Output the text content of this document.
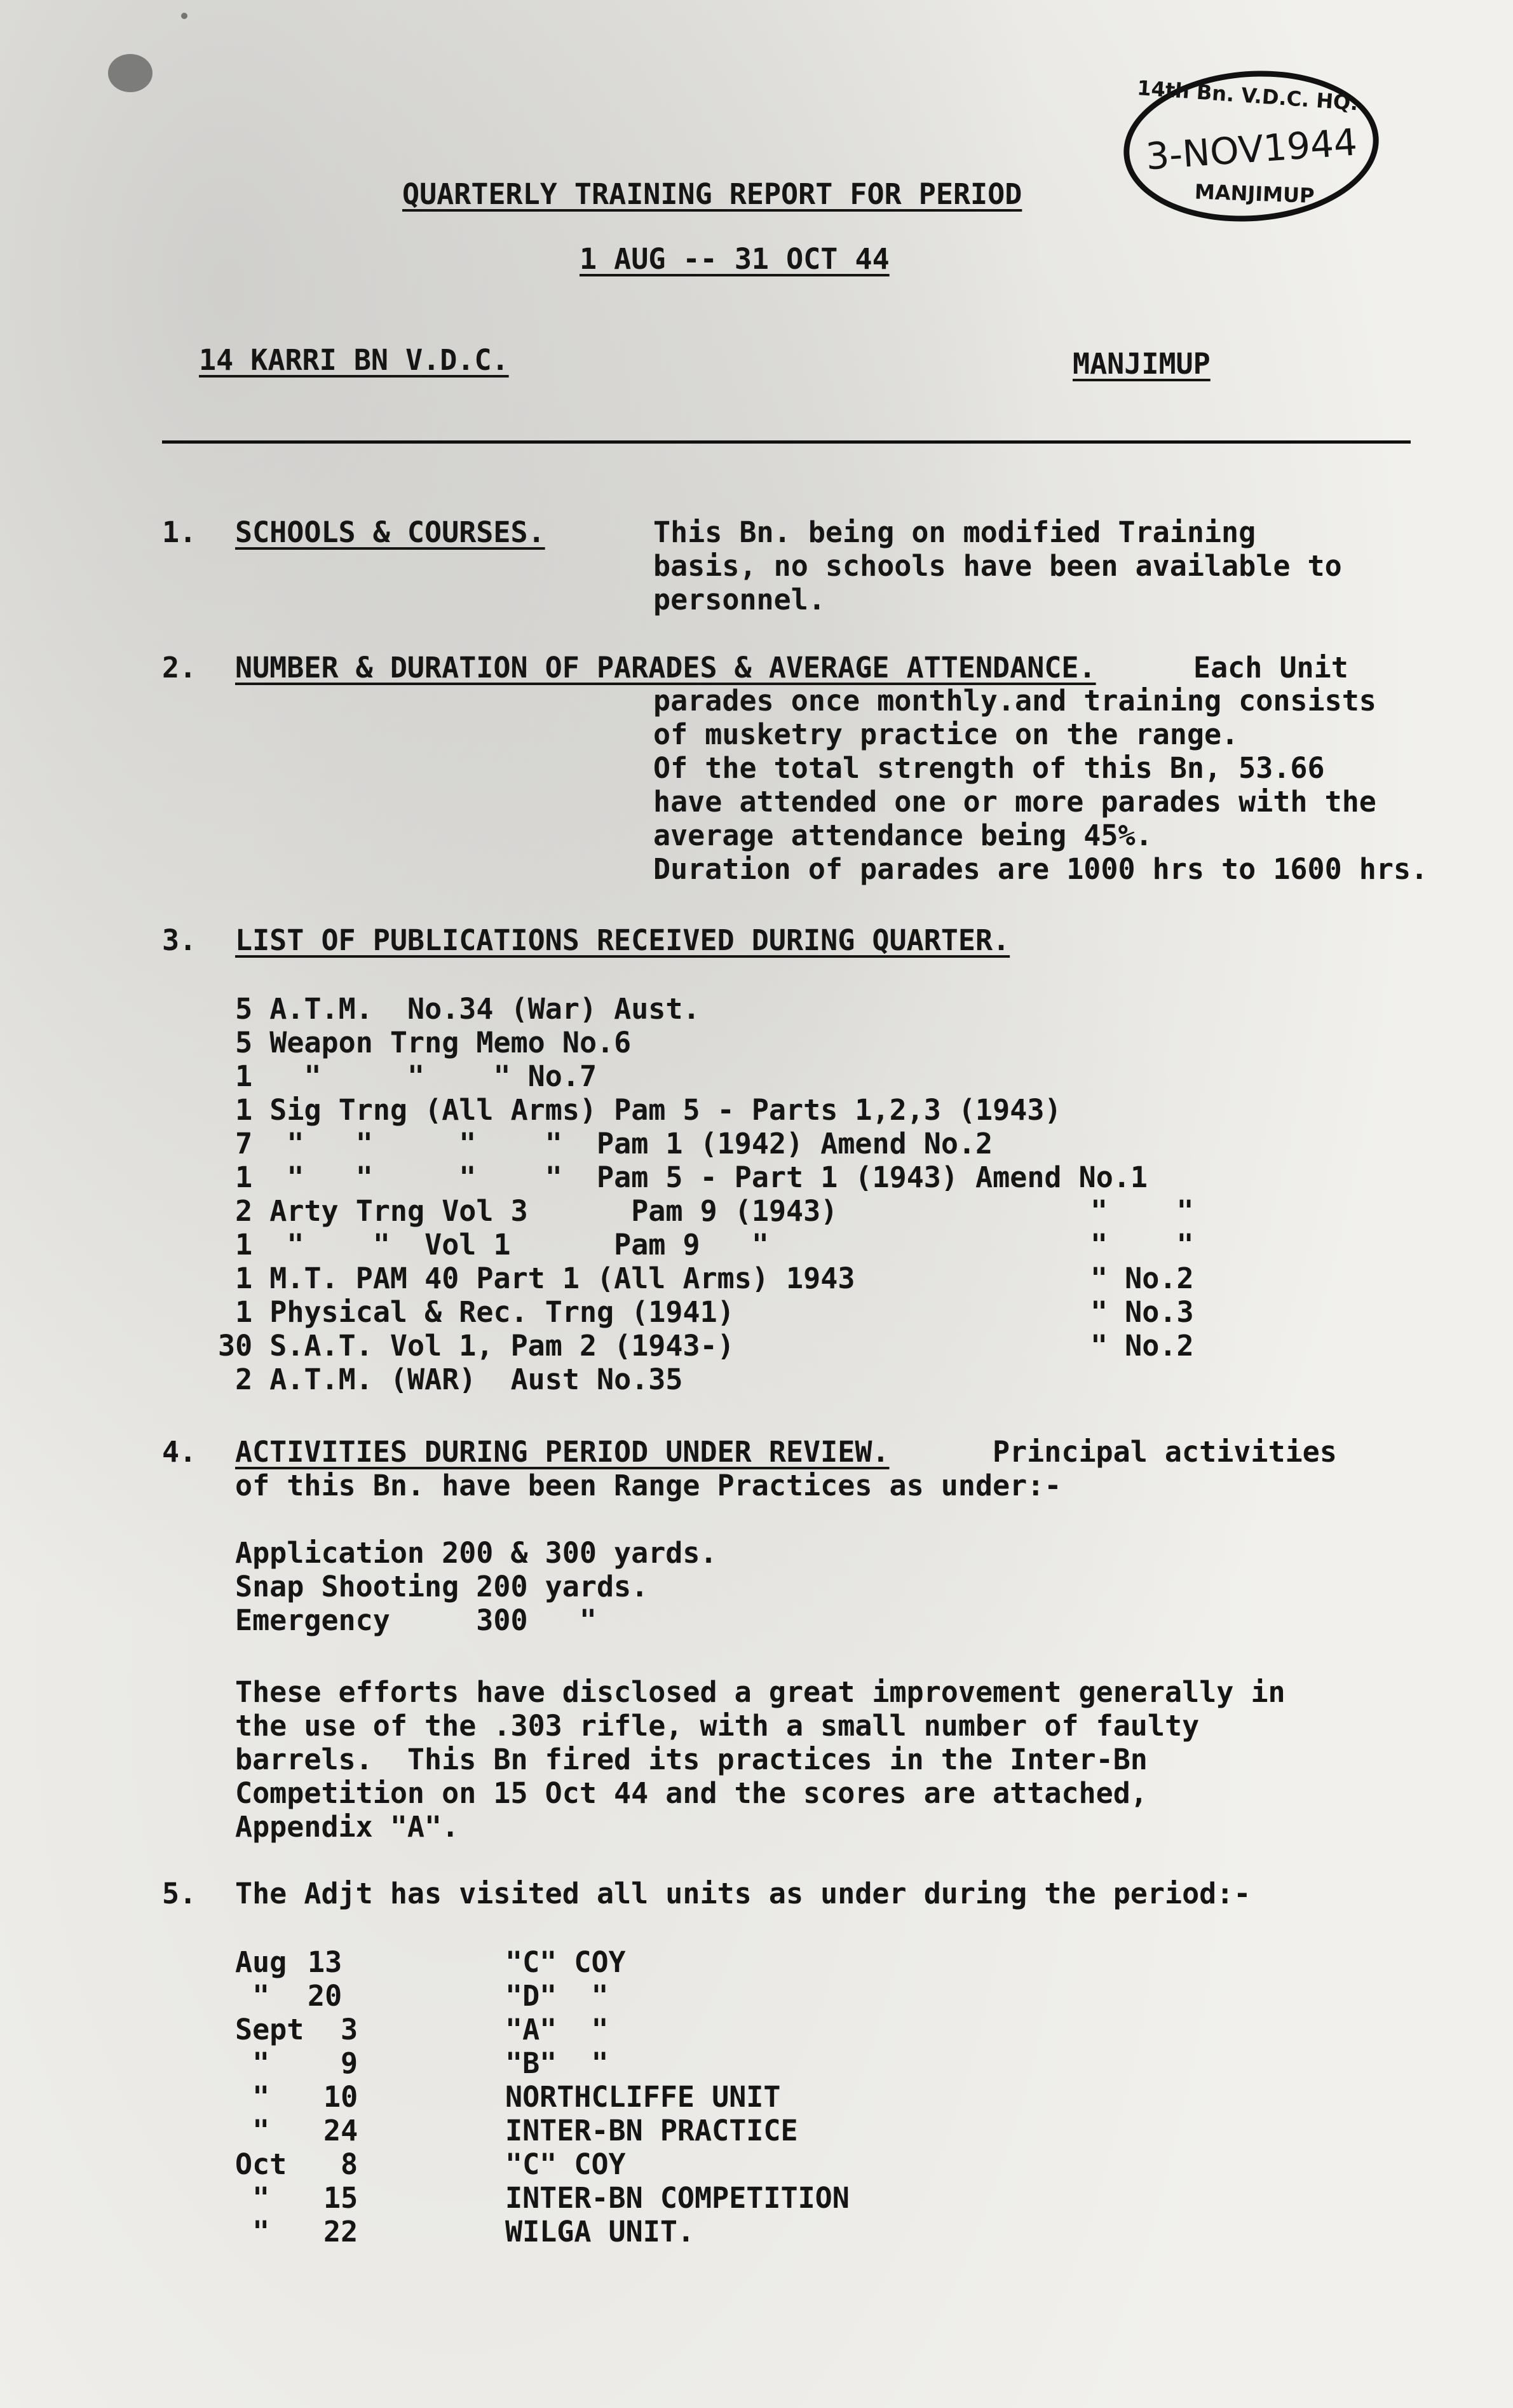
14th Bn. V.D.C. HQ.
3-NOV1944
MANJIMUP
QUARTERLY TRAINING REPORT FOR PERIOD
1 AUG -- 31 OCT 44
14 KARRI BN V.D.C.	MANJIMUP
1. SCHOOLS & COURSES.	This Bn. being on modified Training
basis, no schools have been available to
personnel.
2. NUMBER & DURATION OF PARADES & AVERAGE ATTENDANCE.	Each Unit
parades once monthly.and training consists
of musketry practice on the range.
Of the total strength of this Bn, 53.66
have attended one or more parades with the
average attendance being 45%.
Duration of parades are 1000 hrs to 1600 hrs.
3. LIST OF PUBLICATIONS RECEIVED DURING QUARTER.
5 A.T.M.  No.34 (War) Aust.
5 Weapon Trng Memo No.6
1   "     "    " No.7
1 Sig Trng (All Arms) Pam 5 - Parts 1,2,3 (1943)
7  "   "     "    "  Pam 1 (1942) Amend No.2
1  "   "     "    "  Pam 5 - Part 1 (1943) Amend No.1
2 Arty Trng Vol 3      Pam 9 (1943)	"    "
1  "    "  Vol 1      Pam 9   "	"    "
1 M.T. PAM 40 Part 1 (All Arms) 1943	" No.2
1 Physical & Rec. Trng (1941)	" No.3
30 S.A.T. Vol 1, Pam 2 (1943-)	" No.2
2 A.T.M. (WAR)  Aust No.35
4. ACTIVITIES DURING PERIOD UNDER REVIEW.	Principal activities
of this Bn. have been Range Practices as under:-
Application 200 & 300 yards.
Snap Shooting 200 yards.
Emergency     300   "
These efforts have disclosed a great improvement generally in
the use of the .303 rifle, with a small number of faulty
barrels.  This Bn fired its practices in the Inter-Bn
Competition on 15 Oct 44 and the scores are attached,
Appendix "A".
5. The Adjt has visited all units as under during the period:-
Aug 13	"C" COY
" 20	"D"  "
Sept 3	"A"  "
" 9	"B"  "
" 10	NORTHCLIFFE UNIT
" 24	INTER-BN PRACTICE
Oct 8	"C" COY
" 15	INTER-BN COMPETITION
" 22	WILGA UNIT.
